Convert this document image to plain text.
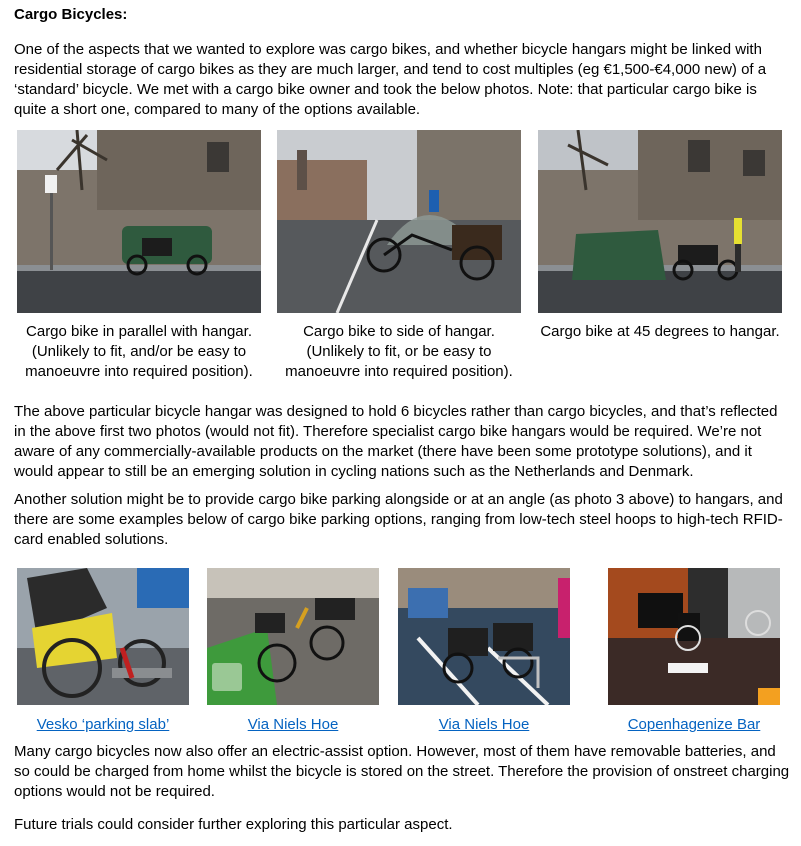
Cargo Bicycles:

One of the aspects that we wanted to explore was cargo bikes, and whether bicycle hangars might be linked with residential storage of cargo bikes as they are much larger, and tend to cost multiples (eg €1,500-€4,000 new) of a ‘standard’ bicycle. We met with a cargo bike owner and took the below photos. Note: that particular cargo bike is quite a short one, compared to many of the options available.

Cargo bike in parallel with hangar.
(Unlikely to fit, and/or be easy to
manoeuvre into required position).
Cargo bike to side of hangar.
(Unlikely to fit, or be easy to
manoeuvre into required position).
Cargo bike at 45 degrees to hangar.

The above particular bicycle hangar was designed to hold 6 bicycles rather than cargo bicycles, and that’s reflected in the above first two photos (would not fit). Therefore specialist cargo bike hangars would be required. We’re not aware of any commercially-available products on the market (there have been some prototype solutions), and it would appear to still be an emerging solution in cycling nations such as the Netherlands and Denmark.

Another solution might be to provide cargo bike parking alongside or at an angle (as photo 3 above) to hangars, and there are some examples below of cargo bike parking options, ranging from low-tech steel hoops to high-tech RFID-card enabled solutions.

Vesko ‘parking slab’	Via Niels Hoe	Via Niels Hoe	Copenhagenize Bar

Many cargo bicycles now also offer an electric-assist option. However, most of them have removable batteries, and so could be charged from home whilst the bicycle is stored on the street. Therefore the provision of onstreet charging options would not be required.

Future trials could consider further exploring this particular aspect.
